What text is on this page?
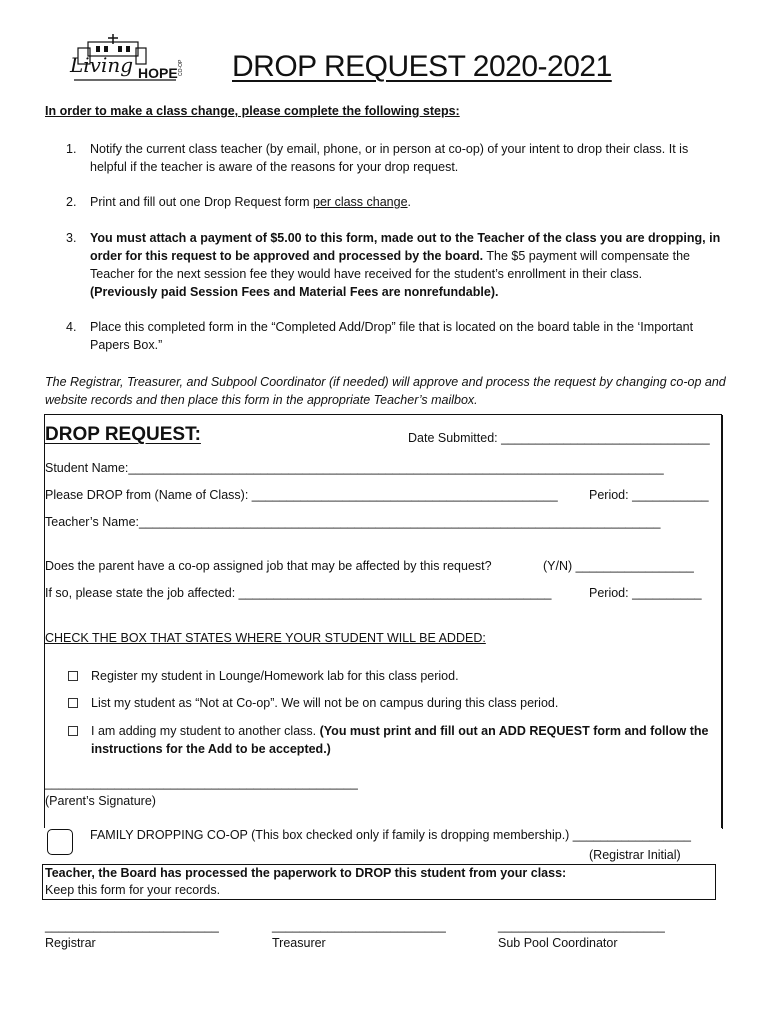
Living HOPE CO-OP DROP REQUEST 2020-2021
In order to make a class change, please complete the following steps:
1. Notify the current class teacher (by email, phone, or in person at co-op) of your intent to drop their class. It is helpful if the teacher is aware of the reasons for your drop request.
2. Print and fill out one Drop Request form per class change.
3. You must attach a payment of $5.00 to this form, made out to the Teacher of the class you are dropping, in order for this request to be approved and processed by the board. The $5 payment will compensate the Teacher for the next session fee they would have received for the student’s enrollment in their class.
(Previously paid Session Fees and Material Fees are nonrefundable).
4. Place this completed form in the “Completed Add/Drop” file that is located on the board table in the ‘Important Papers Box.”
The Registrar, Treasurer, and Subpool Coordinator (if needed) will approve and process the request by changing co-op and website records and then place this form in the appropriate Teacher’s mailbox.
DROP REQUEST:	Date Submitted: ______________________________
Student Name:_____________________________________________________________________________
Please DROP from (Name of Class): ____________________________________________	Period: ___________
Teacher’s Name:___________________________________________________________________________
Does the parent have a co-op assigned job that may be affected by this request?	(Y/N) _________________
If so, please state the job affected: _____________________________________________	Period: __________
CHECK THE BOX THAT STATES WHERE YOUR STUDENT WILL BE ADDED:
Register my student in Lounge/Homework lab for this class period.
List my student as “Not at Co-op”. We will not be on campus during this class period.
I am adding my student to another class. (You must print and fill out an ADD REQUEST form and follow the instructions for the Add to be accepted.)
_____________________________________________
(Parent’s Signature)
FAMILY DROPPING CO-OP (This box checked only if family is dropping membership.) _________________
(Registrar Initial)
Teacher, the Board has processed the paperwork to DROP this student from your class:
Keep this form for your records.
_________________________
Registrar
_________________________
Treasurer
________________________
Sub Pool Coordinator
